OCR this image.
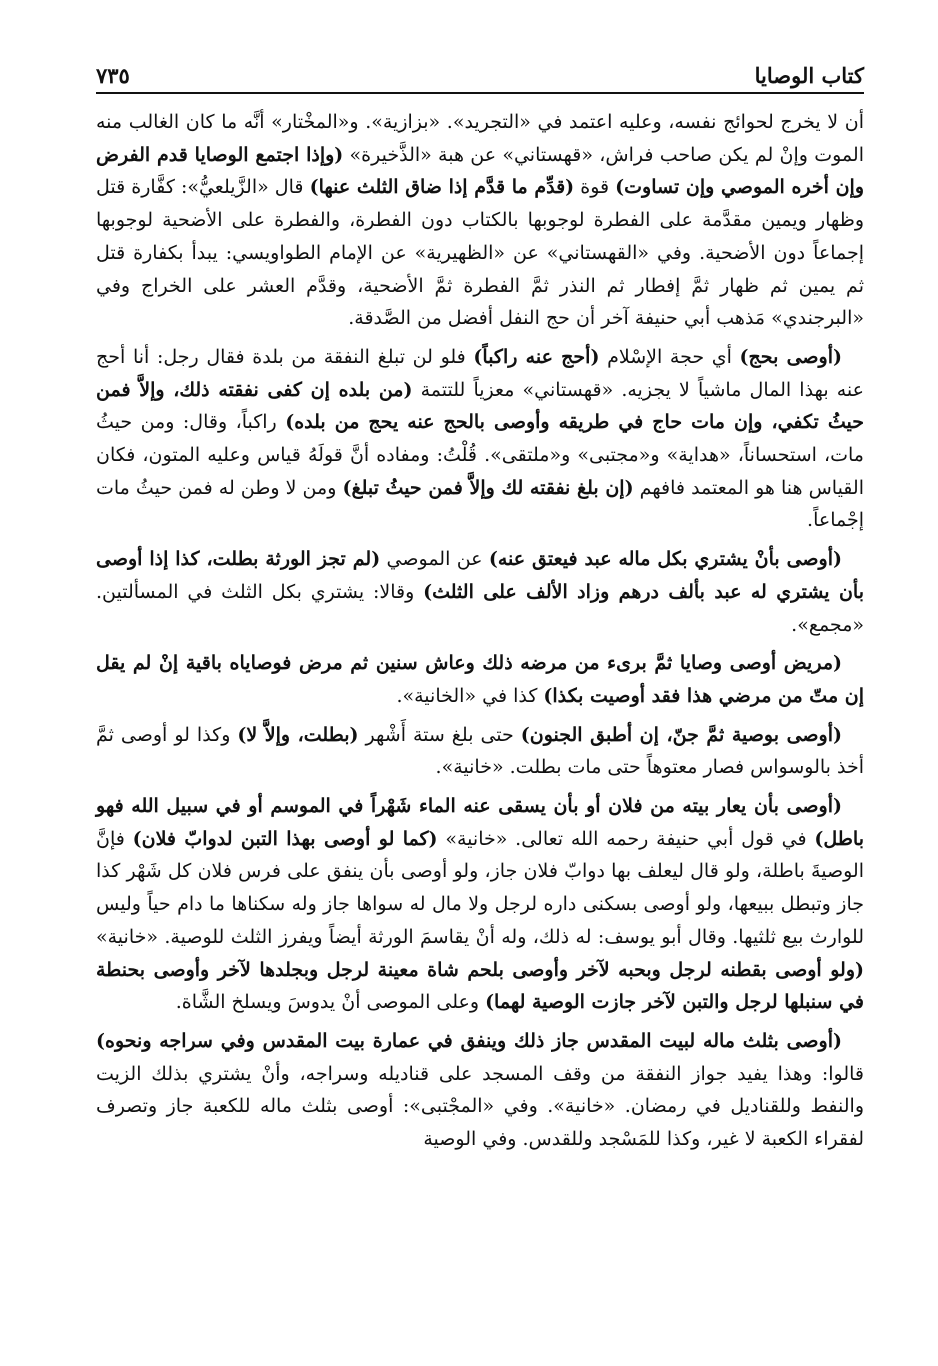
كتاب الوصايا
٧٣٥

أن لا يخرج لحوائج نفسه، وعليه اعتمد في «التجريد». «بزازية». و«المخْتار» أنَّه ما كان الغالب منه الموت وإنْ لم يكن صاحب فراش، «قهستاني» عن هبة «الذَّخيرة» (وإذا اجتمع الوصايا قدم الفرض وإن أخره الموصي وإن تساوت) قوة (قدِّم ما قدَّم إذا ضاق الثلث عنها) قال «الزَّيلعيُّ»: كفَّارة قتل وظهار ويمين مقدَّمة على الفطرة لوجوبها بالكتاب دون الفطرة، والفطرة على الأضحية لوجوبها إجماعاً دون الأضحية. وفي «القهستاني» عن «الظهيرية» عن الإمام الطواويسي: يبدأ بكفارة قتل ثم يمين ثم ظهار ثمَّ إفطار ثم النذر ثمَّ الفطرة ثمَّ الأضحية، وقدَّم العشر على الخراج وفي «البرجندي» مَذهب أبي حنيفة آخر أن حج النفل أفضل من الصَّدقة.

(أوصى بحج) أي حجة الإسْلام (أحج عنه راكباً) فلو لن تبلغ النفقة من بلدة فقال رجل: أنا أحج عنه بهذا المال ماشياً لا يجزيه. «قهستاني» معزياً للتتمة (من بلده إن كفى نفقته ذلك، وإلاَّ فمن حيثُ تكفي، وإن مات حاج في طريقه وأوصى بالحج عنه يحج من بلده) راكباً، وقال: ومن حيثُ مات، استحساناً، «هداية» و«مجتبى» و«ملتقى». قُلْتُ: ومفاده أنَّ قولَهُ قياس وعليه المتون، فكان القياس هنا هو المعتمد فافهم (إن بلغ نفقته لك وإلاَّ فمن حيثُ تبلغ) ومن لا وطن له فمن حيثُ مات إجْماعاً.

(أوصى بأنْ يشتري بكل ماله عبد فيعتق عنه) عن الموصي (لم تجز الورثة بطلت، كذا إذا أوصى بأن يشتري له عبد بألف درهم وزاد الألف على الثلث) وقالا: يشتري بكل الثلث في المسألتين. «مجمع».

(مريض أوصى وصايا ثمَّ برىء من مرضه ذلك وعاش سنين ثم مرض فوصاياه باقية إنْ لم يقل إن متّ من مرضي هذا فقد أوصيت بكذا) كذا في «الخانية».

(أوصى بوصية ثمَّ جنّ، إن أطبق الجنون) حتى بلغ ستة أَشْهر (بطلت، وإلاَّ لا) وكذا لو أوصى ثمَّ أخذ بالوسواس فصار معتوهاً حتى مات بطلت. «خانية».

(أوصى بأن يعار بيته من فلان أو بأن يسقى عنه الماء شَهْراً في الموسم أو في سبيل الله فهو باطل) في قول أبي حنيفة رحمه الله تعالى. «خانية» (كما لو أوصى بهذا التبن لدوابّ فلان) فإنَّ الوصيةَ باطلة، ولو قال ليعلف بها دوابّ فلان جاز، ولو أوصى بأن ينفق على فرس فلان كل شَهْر كذا جاز وتبطل ببيعها، ولو أوصى بسكنى داره لرجل ولا مال له سواها جاز وله سكناها ما دام حياً وليس للوارث بيع ثلثيها. وقال أبو يوسف: له ذلك، وله أنْ يقاسمَ الورثة أيضاً ويفرز الثلث للوصية. «خانية» (ولو أوصى بقطنه لرجل وبحبه لآخر وأوصى بلحم شاة معينة لرجل وبجلدها لآخر وأوصى بحنطة في سنبلها لرجل والتبن لآخر جازت الوصية لهما) وعلى الموصى أنْ يدوسَ ويسلخ الشَّاة.

(أوصى بثلث ماله لبيت المقدس جاز ذلك وينفق في عمارة بيت المقدس وفي سراجه ونحوه) قالوا: وهذا يفيد جواز النفقة من وقف المسجد على قناديله وسراجه، وأنْ يشتري بذلك الزيت والنفط وللقناديل في رمضان. «خانية». وفي «المجْتبى»: أوصى بثلث ماله للكعبة جاز وتصرف لفقراء الكعبة لا غير، وكذا للمَسْجد وللقدس. وفي الوصية
